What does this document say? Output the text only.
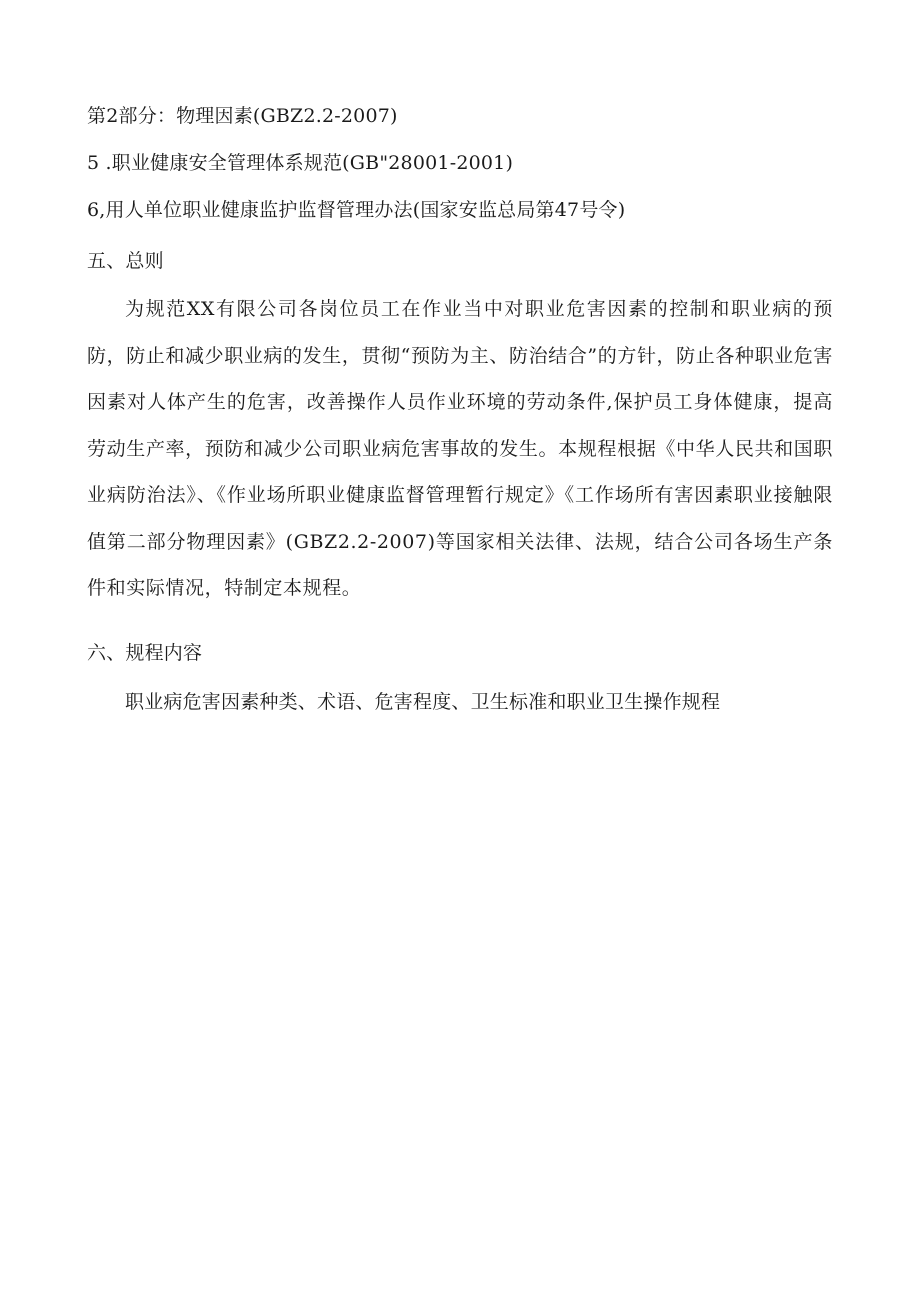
第2部分：物理因素(GBZ2.2-2007)
5 .职业健康安全管理体系规范(GB"28001-2001)
6,用人单位职业健康监护监督管理办法(国家安监总局第47号令)
五、总则
为规范XX有限公司各岗位员工在作业当中对职业危害因素的控制和职业病的预防，防止和减少职业病的发生，贯彻“预防为主、防治结合”的方针，防止各种职业危害因素对人体产生的危害，改善操作人员作业环境的劳动条件,保护员工身体健康，提高劳动生产率，预防和减少公司职业病危害事故的发生。本规程根据《中华人民共和国职业病防治法》、《作业场所职业健康监督管理暂行规定》《工作场所有害因素职业接触限值第二部分物理因素》(GBZ2.2-2007)等国家相关法律、法规，结合公司各场生产条件和实际情况，特制定本规程。
六、规程内容
职业病危害因素种类、术语、危害程度、卫生标准和职业卫生操作规程
